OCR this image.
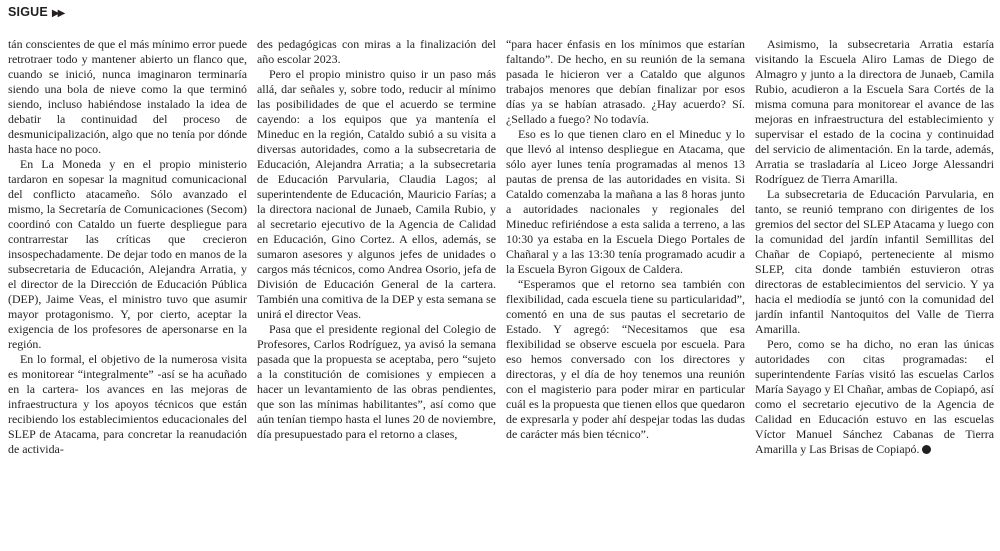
SIGUE ▶▶

tán conscientes de que el más mínimo error puede retrotraer todo y mantener abierto un flanco que, cuando se inició, nunca imaginaron terminaría siendo una bola de nieve como la que terminó siendo, incluso habiéndose instalado la idea de debatir la continuidad del proceso de desmunicipalización, algo que no tenía por dónde hasta hace no poco.

En La Moneda y en el propio ministerio tardaron en sopesar la magnitud comunicacional del conflicto atacameño. Sólo avanzado el mismo, la Secretaría de Comunicaciones (Secom) coordinó con Cataldo un fuerte despliegue para contrarrestar las críticas que crecieron insospechadamente. De dejar todo en manos de la subsecretaria de Educación, Alejandra Arratia, y el director de la Dirección de Educación Pública (DEP), Jaime Veas, el ministro tuvo que asumir mayor protagonismo. Y, por cierto, aceptar la exigencia de los profesores de apersonarse en la región.

En lo formal, el objetivo de la numerosa visita es monitorear “integralmente” -así se ha acuñado en la cartera- los avances en las mejoras de infraestructura y los apoyos técnicos que están recibiendo los establecimientos educacionales del SLEP de Atacama, para concretar la reanudación de activida-

des pedagógicas con miras a la finalización del año escolar 2023.

Pero el propio ministro quiso ir un paso más allá, dar señales y, sobre todo, reducir al mínimo las posibilidades de que el acuerdo se termine cayendo: a los equipos que ya mantenía el Mineduc en la región, Cataldo subió a su visita a diversas autoridades, como a la subsecretaria de Educación, Alejandra Arratia; a la subsecretaria de Educación Parvularia, Claudia Lagos; al superintendente de Educación, Mauricio Farías; a la directora nacional de Junaeb, Camila Rubio, y al secretario ejecutivo de la Agencia de Calidad en Educación, Gino Cortez. A ellos, además, se sumaron asesores y algunos jefes de unidades o cargos más técnicos, como Andrea Osorio, jefa de División de Educación General de la cartera. También una comitiva de la DEP y esta semana se unirá el director Veas.

Pasa que el presidente regional del Colegio de Profesores, Carlos Rodríguez, ya avisó la semana pasada que la propuesta se aceptaba, pero “sujeto a la constitución de comisiones y empiecen a hacer un levantamiento de las obras pendientes, que son las mínimas habilitantes”, así como que aún tenían tiempo hasta el lunes 20 de noviembre, día presupuestado para el retorno a clases,

“para hacer énfasis en los mínimos que estarían faltando”. De hecho, en su reunión de la semana pasada le hicieron ver a Cataldo que algunos trabajos menores que debían finalizar por esos días ya se habían atrasado. ¿Hay acuerdo? Sí. ¿Sellado a fuego? No todavía.

Eso es lo que tienen claro en el Mineduc y lo que llevó al intenso despliegue en Atacama, que sólo ayer lunes tenía programadas al menos 13 pautas de prensa de las autoridades en visita. Si Cataldo comenzaba la mañana a las 8 horas junto a autoridades nacionales y regionales del Mineduc refiriéndose a esta salida a terreno, a las 10:30 ya estaba en la Escuela Diego Portales de Chañaral y a las 13:30 tenía programado acudir a la Escuela Byron Gigoux de Caldera.

“Esperamos que el retorno sea también con flexibilidad, cada escuela tiene su particularidad”, comentó en una de sus pautas el secretario de Estado. Y agregó: “Necesitamos que esa flexibilidad se observe escuela por escuela. Para eso hemos conversado con los directores y directoras, y el día de hoy tenemos una reunión con el magisterio para poder mirar en particular cuál es la propuesta que tienen ellos que quedaron de expresarla y poder ahí despejar todas las dudas de carácter más bien técnico”.

Asimismo, la subsecretaria Arratia estaría visitando la Escuela Aliro Lamas de Diego de Almagro y junto a la directora de Junaeb, Camila Rubio, acudieron a la Escuela Sara Cortés de la misma comuna para monitorear el avance de las mejoras en infraestructura del establecimiento y supervisar el estado de la cocina y continuidad del servicio de alimentación. En la tarde, además, Arratia se trasladaría al Liceo Jorge Alessandri Rodríguez de Tierra Amarilla.

La subsecretaria de Educación Parvularia, en tanto, se reunió temprano con dirigentes de los gremios del sector del SLEP Atacama y luego con la comunidad del jardín infantil Semillitas del Chañar de Copiapó, perteneciente al mismo SLEP, cita donde también estuvieron otras directoras de establecimientos del servicio. Y ya hacia el mediodía se juntó con la comunidad del jardín infantil Nantoquitos del Valle de Tierra Amarilla.

Pero, como se ha dicho, no eran las únicas autoridades con citas programadas: el superintendente Farías visitó las escuelas Carlos María Sayago y El Chañar, ambas de Copiapó, así como el secretario ejecutivo de la Agencia de Calidad en Educación estuvo en las escuelas Víctor Manuel Sánchez Cabanas de Tierra Amarilla y Las Brisas de Copiapó.
